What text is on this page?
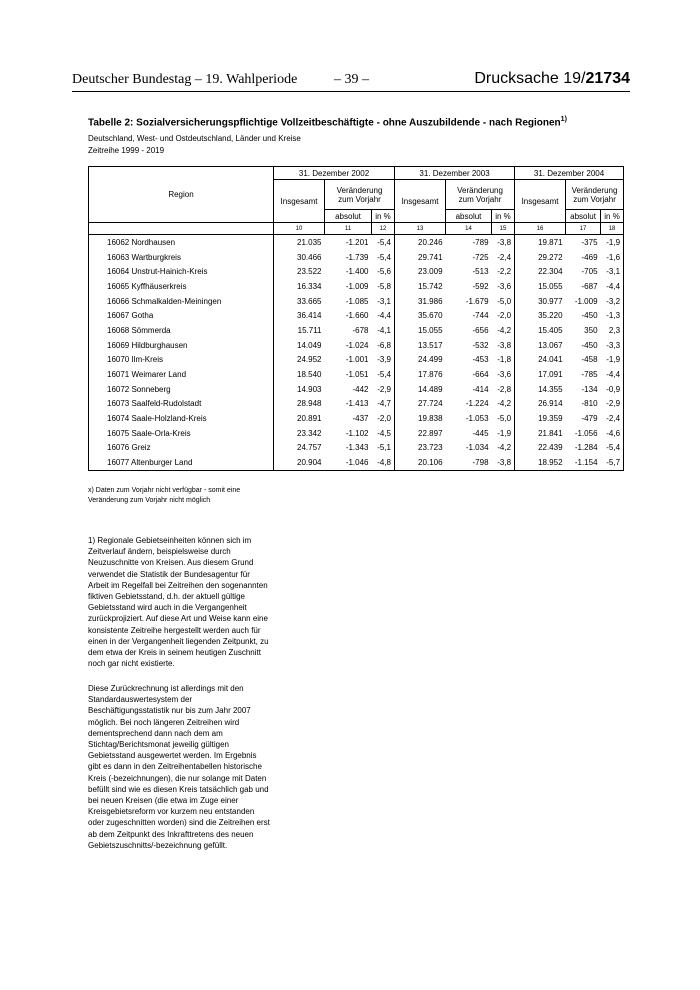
Deutscher Bundestag – 19. Wahlperiode	– 39 –	Drucksache 19/21734
Tabelle 2: Sozialversicherungspflichtige Vollzeitbeschäftigte - ohne Auszubildende - nach Regionen$^{1)}$
Deutschland, West- und Ostdeutschland, Länder und Kreise
Zeitreihe 1999 - 2019
Region	31. Dezember 2002			31. Dezember 2003			31. Dezember 2004		
	Insgesamt	Veränderung zum Vorjahr		Insgesamt	Veränderung zum Vorjahr		Insgesamt	Veränderung zum Vorjahr	
		absolut	in %		absolut	in %		absolut	in %
	10	11	12	13	14	15	16	17	18
16062 Nordhausen	21.035	-1.201	-5,4	20.246	-789	-3,8	19.871	-375	-1,9
16063 Wartburgkreis	30.466	-1.739	-5,4	29.741	-725	-2,4	29.272	-469	-1,6
16064 Unstrut-Hainich-Kreis	23.522	-1.400	-5,6	23.009	-513	-2,2	22.304	-705	-3,1
16065 Kyffhäuserkreis	16.334	-1.009	-5,8	15.742	-592	-3,6	15.055	-687	-4,4
16066 Schmalkalden-Meiningen	33.665	-1.085	-3,1	31.986	-1.679	-5,0	30.977	-1.009	-3,2
16067 Gotha	36.414	-1.660	-4,4	35.670	-744	-2,0	35.220	-450	-1,3
16068 Sömmerda	15.711	-678	-4,1	15.055	-656	-4,2	15.405	350	2,3
16069 Hildburghausen	14.049	-1.024	-6,8	13.517	-532	-3,8	13.067	-450	-3,3
16070 Ilm-Kreis	24.952	-1.001	-3,9	24.499	-453	-1,8	24.041	-458	-1,9
16071 Weimarer Land	18.540	-1.051	-5,4	17.876	-664	-3,6	17.091	-785	-4,4
16072 Sonneberg	14.903	-442	-2,9	14.489	-414	-2,8	14.355	-134	-0,9
16073 Saalfeld-Rudolstadt	28.948	-1.413	-4,7	27.724	-1.224	-4,2	26.914	-810	-2,9
16074 Saale-Holzland-Kreis	20.891	-437	-2,0	19.838	-1.053	-5,0	19.359	-479	-2,4
16075 Saale-Orla-Kreis	23.342	-1.102	-4,5	22.897	-445	-1,9	21.841	-1.056	-4,6
16076 Greiz	24.757	-1.343	-5,1	23.723	-1.034	-4,2	22.439	-1.284	-5,4
16077 Altenburger Land	20.904	-1.046	-4,8	20.106	-798	-3,8	18.952	-1.154	-5,7
x) Daten zum Vorjahr nicht verfügbar - somit eine Veränderung zum Vorjahr nicht möglich

1) Regionale Gebietseinheiten können sich im Zeitverlauf ändern, beispielsweise durch Neuzuschnitte von Kreisen. Aus diesem Grund verwendet die Statistik der Bundesagentur für Arbeit im Regelfall bei Zeitreihen den sogenannten fiktiven Gebietsstand, d.h. der aktuell gültige Gebietsstand wird auch in die Vergangenheit zurückprojiziert. Auf diese Art und Weise kann eine konsistente Zeitreihe hergestellt werden auch für einen in der Vergangenheit liegenden Zeitpunkt, zu dem etwa der Kreis in seinem heutigen Zuschnitt noch gar nicht existierte.

Diese Zurückrechnung ist allerdings mit den Standardauswertesystem der Beschäftigungsstatistik nur bis zum Jahr 2007 möglich. Bei noch längeren Zeitreihen wird dementsprechend dann nach dem am Stichtag/Berichtsmonat jeweilig gültigen Gebietsstand ausgewertet werden. Im Ergebnis gibt es dann in den Zeitreihentabellen historische Kreis (-bezeichnungen), die nur solange mit Daten befüllt sind wie es diesen Kreis tatsächlich gab und bei neuen Kreisen (die etwa im Zuge einer Kreisgebietsreform vor kurzem neu entstanden oder zugeschnitten worden) sind die Zeitreihen erst ab dem Zeitpunkt des Inkrafttretens des neuen Gebietszuschnitts/-bezeichnung gefüllt.
